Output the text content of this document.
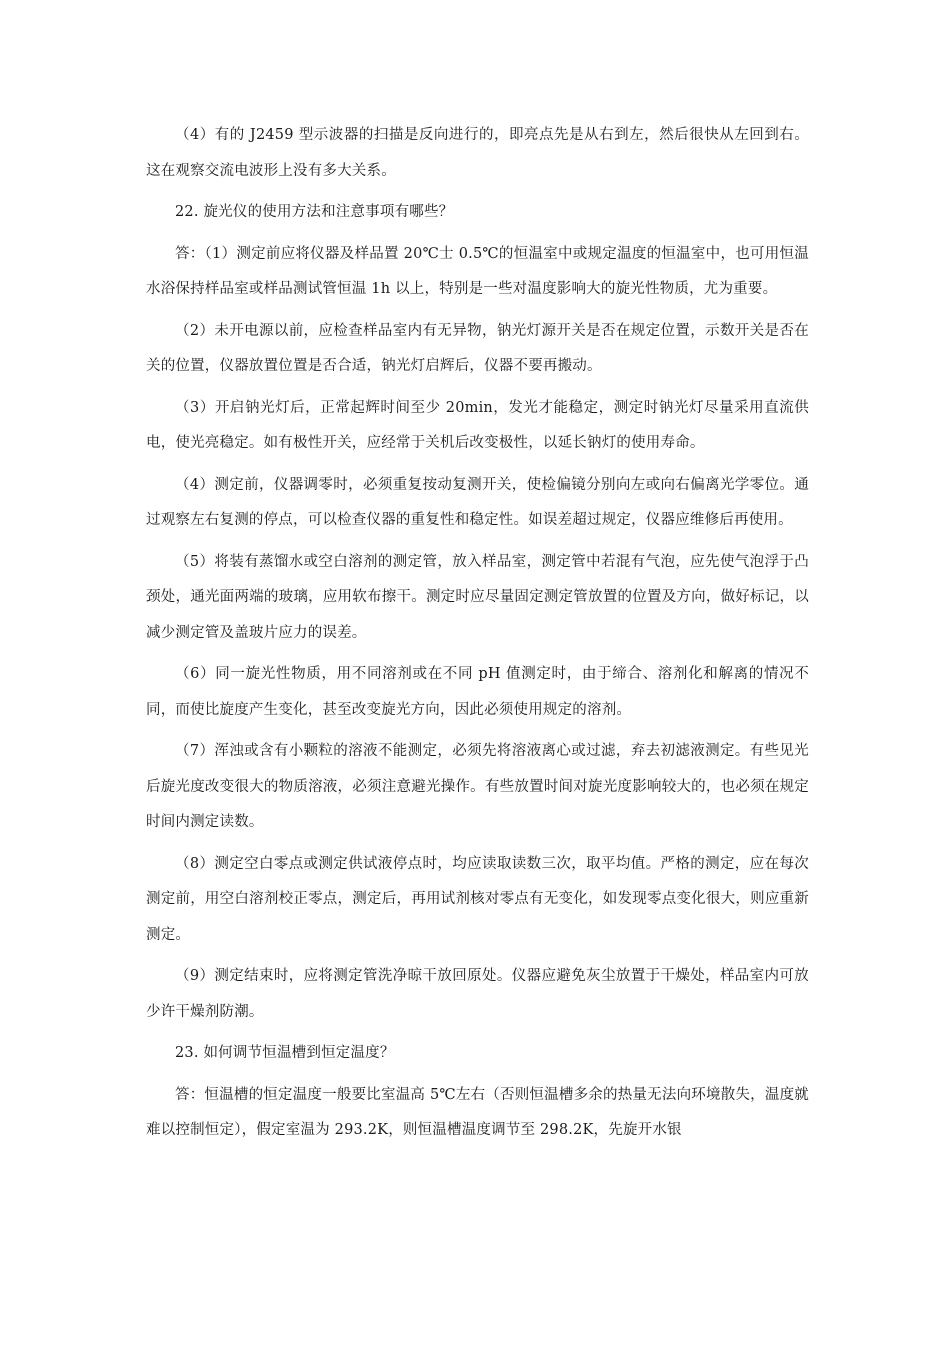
（4）有的 J2459 型示波器的扫描是反向进行的，即亮点先是从右到左，然后很快从左回到右。这在观察交流电波形上没有多大关系。

22. 旋光仪的使用方法和注意事项有哪些？

答：（1）测定前应将仪器及样品置 20℃士 0.5℃的恒温室中或规定温度的恒温室中，也可用恒温水浴保持样品室或样品测试管恒温 1h 以上，特别是一些对温度影响大的旋光性物质，尤为重要。

（2）未开电源以前，应检查样品室内有无异物，钠光灯源开关是否在规定位置，示数开关是否在关的位置，仪器放置位置是否合适，钠光灯启辉后，仪器不要再搬动。

（3）开启钠光灯后，正常起辉时间至少 20min，发光才能稳定，测定时钠光灯尽量采用直流供电，使光亮稳定。如有极性开关，应经常于关机后改变极性，以延长钠灯的使用寿命。

（4）测定前，仪器调零时，必须重复按动复测开关，使检偏镜分别向左或向右偏离光学零位。通过观察左右复测的停点，可以检查仪器的重复性和稳定性。如误差超过规定，仪器应维修后再使用。

（5）将装有蒸馏水或空白溶剂的测定管，放入样品室，测定管中若混有气泡，应先使气泡浮于凸颈处，通光面两端的玻璃，应用软布擦干。测定时应尽量固定测定管放置的位置及方向，做好标记，以减少测定管及盖玻片应力的误差。

（6）同一旋光性物质，用不同溶剂或在不同 pH 值测定时，由于缔合、溶剂化和解离的情况不同，而使比旋度产生变化，甚至改变旋光方向，因此必须使用规定的溶剂。

（7）浑浊或含有小颗粒的溶液不能测定，必须先将溶液离心或过滤，弃去初滤液测定。有些见光后旋光度改变很大的物质溶液，必须注意避光操作。有些放置时间对旋光度影响较大的，也必须在规定时间内测定读数。

（8）测定空白零点或测定供试液停点时，均应读取读数三次，取平均值。严格的测定，应在每次测定前，用空白溶剂校正零点，测定后，再用试剂核对零点有无变化，如发现零点变化很大，则应重新测定。

（9）测定结束时，应将测定管洗净晾干放回原处。仪器应避免灰尘放置于干燥处，样品室内可放少许干燥剂防潮。

23. 如何调节恒温槽到恒定温度？

答：恒温槽的恒定温度一般要比室温高 5℃左右（否则恒温槽多余的热量无法向环境散失，温度就难以控制恒定），假定室温为 293.2K，则恒温槽温度调节至 298.2K，先旋开水银
